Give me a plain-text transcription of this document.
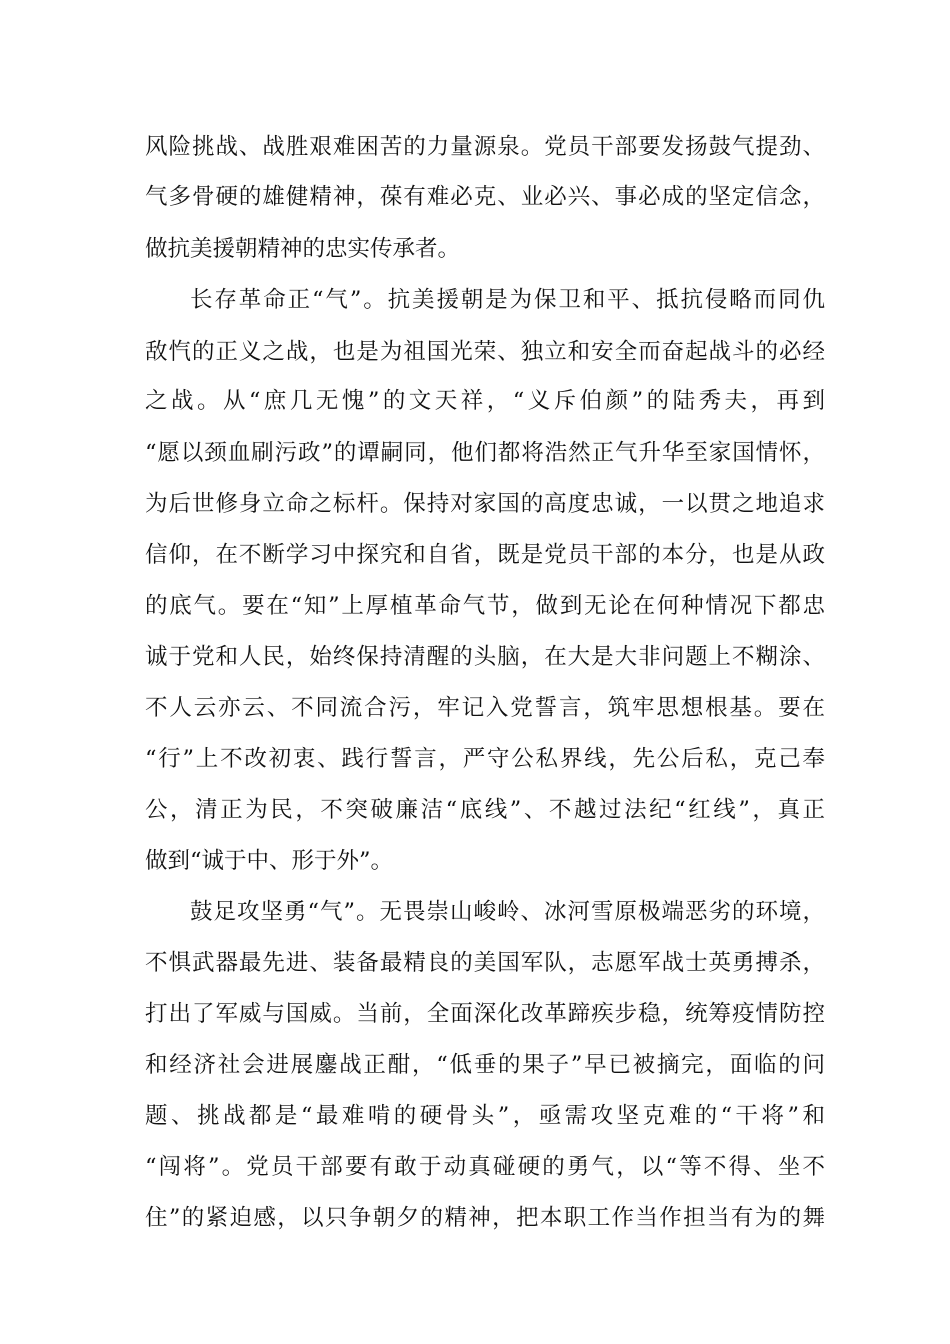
风险挑战、战胜艰难困苦的力量源泉。党员干部要发扬鼓气提劲、
气多骨硬的雄健精神，葆有难必克、业必兴、事必成的坚定信念，
做抗美援朝精神的忠实传承者。
长存革命正“气”。抗美援朝是为保卫和平、抵抗侵略而同仇
敌忾的正义之战，也是为祖国光荣、独立和安全而奋起战斗的必经
之战。从“庶几无愧”的文天祥，“义斥伯颜”的陆秀夫，再到
“愿以颈血刷污政”的谭嗣同，他们都将浩然正气升华至家国情怀，
为后世修身立命之标杆。保持对家国的高度忠诚，一以贯之地追求
信仰，在不断学习中探究和自省，既是党员干部的本分，也是从政
的底气。要在“知”上厚植革命气节，做到无论在何种情况下都忠
诚于党和人民，始终保持清醒的头脑，在大是大非问题上不糊涂、
不人云亦云、不同流合污，牢记入党誓言，筑牢思想根基。要在
“行”上不改初衷、践行誓言，严守公私界线，先公后私，克己奉
公，清正为民，不突破廉洁“底线”、不越过法纪“红线”，真正
做到“诚于中、形于外”。
鼓足攻坚勇“气”。无畏崇山峻岭、冰河雪原极端恶劣的环境，
不惧武器最先进、装备最精良的美国军队，志愿军战士英勇搏杀，
打出了军威与国威。当前，全面深化改革蹄疾步稳，统筹疫情防控
和经济社会进展鏖战正酣，“低垂的果子”早已被摘完，面临的问
题、挑战都是“最难啃的硬骨头”，亟需攻坚克难的“干将”和
“闯将”。党员干部要有敢于动真碰硬的勇气，以“等不得、坐不
住”的紧迫感，以只争朝夕的精神，把本职工作当作担当有为的舞
